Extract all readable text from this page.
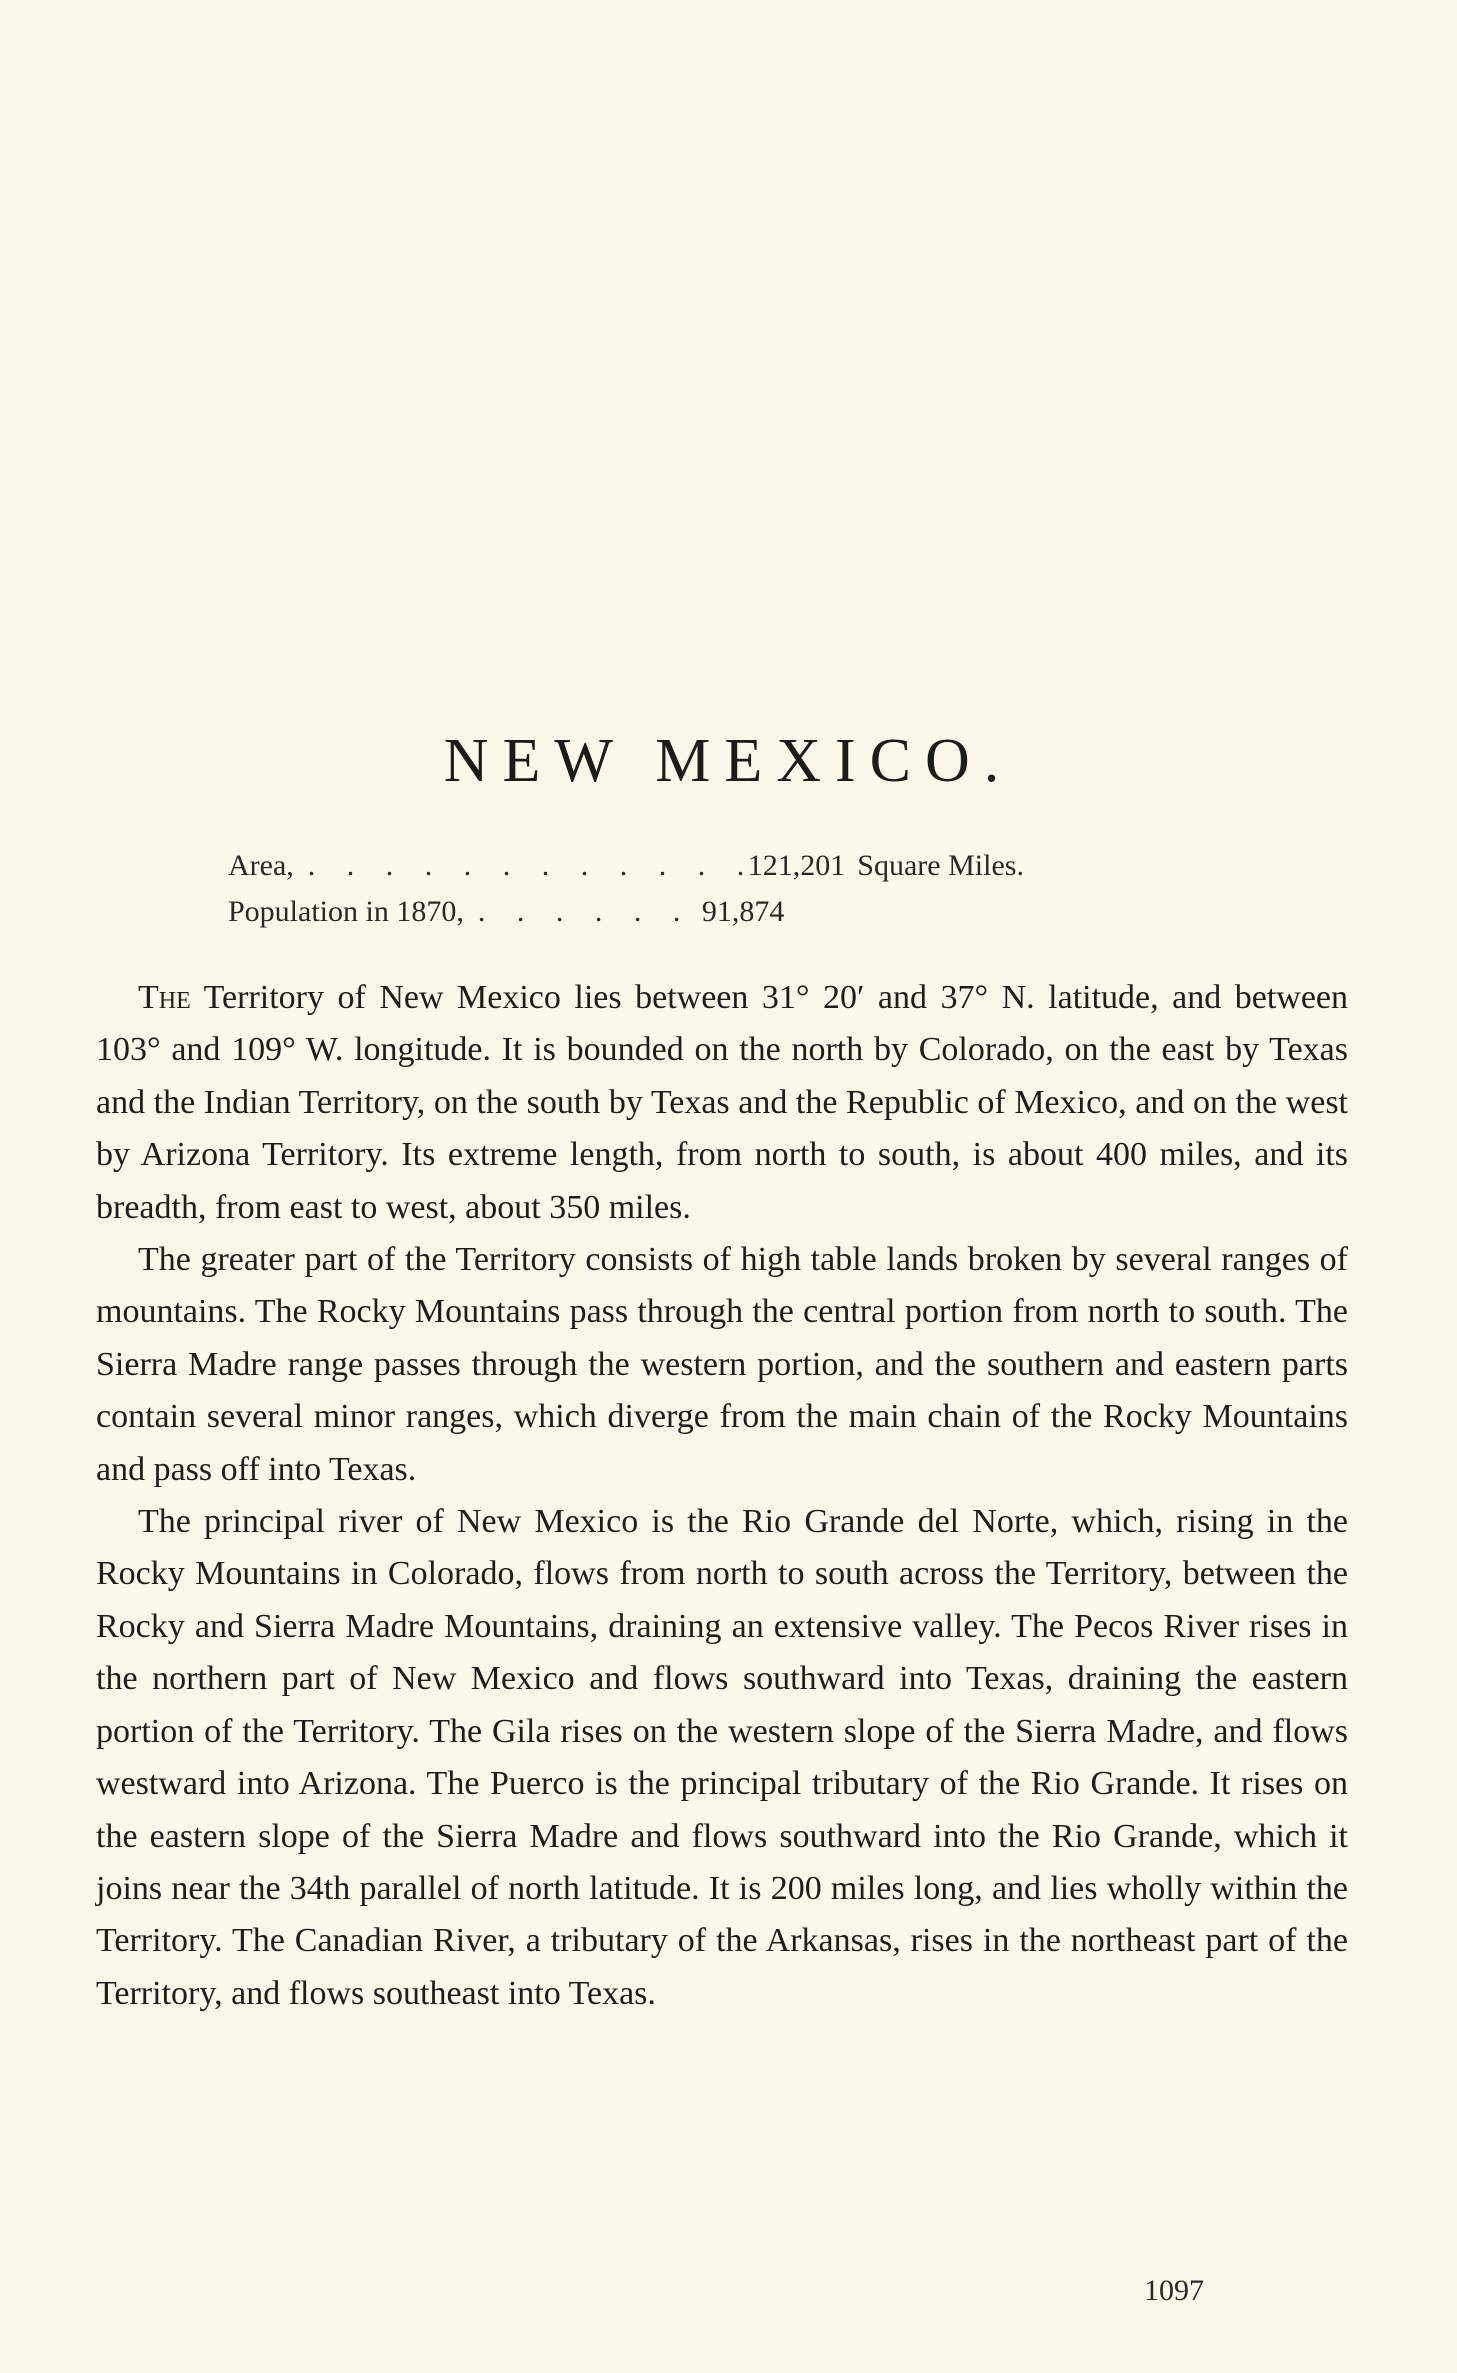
NEW MEXICO.
Area, . . . . . . . . . . . .
121,201 Square Miles.
Population in 1870, . . . . . . 91,874

The Territory of New Mexico lies between 31° 20′ and 37° N. latitude, and between 103° and 109° W. longitude. It is bounded on the north by Colorado, on the east by Texas and the Indian Territory, on the south by Texas and the Republic of Mexico, and on the west by Arizona Territory. Its extreme length, from north to south, is about 400 miles, and its breadth, from east to west, about 350 miles.

The greater part of the Territory consists of high table lands broken by several ranges of mountains. The Rocky Mountains pass through the central portion from north to south. The Sierra Madre range passes through the western portion, and the southern and eastern parts contain several minor ranges, which diverge from the main chain of the Rocky Mountains and pass off into Texas.

The principal river of New Mexico is the Rio Grande del Norte, which, rising in the Rocky Mountains in Colorado, flows from north to south across the Territory, between the Rocky and Sierra Madre Mountains, draining an extensive valley. The Pecos River rises in the northern part of New Mexico and flows southward into Texas, draining the eastern portion of the Territory. The Gila rises on the western slope of the Sierra Madre, and flows westward into Arizona. The Puerco is the principal tributary of the Rio Grande. It rises on the eastern slope of the Sierra Madre and flows southward into the Rio Grande, which it joins near the 34th parallel of north latitude. It is 200 miles long, and lies wholly within the Territory. The Canadian River, a tributary of the Arkansas, rises in the northeast part of the Territory, and flows southeast into Texas.

1097
